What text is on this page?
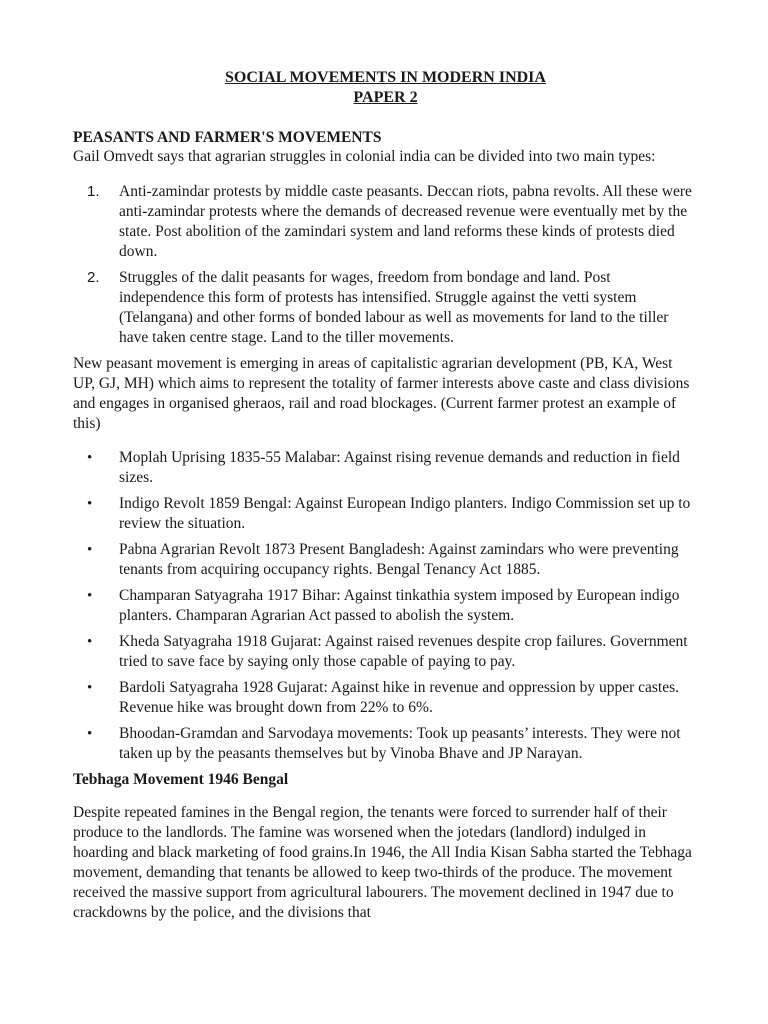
SOCIAL MOVEMENTS IN MODERN INDIA

PAPER 2

PEASANTS AND FARMER'S MOVEMENTS

Gail Omvedt says that agrarian struggles in colonial india can be divided into two main types:

1. Anti-zamindar protests by middle caste peasants. Deccan riots, pabna revolts. All these were anti-zamindar protests where the demands of decreased revenue were eventually met by the state. Post abolition of the zamindari system and land reforms these kinds of protests died down.
2. Struggles of the dalit peasants for wages, freedom from bondage and land. Post independence this form of protests has intensified. Struggle against the vetti system (Telangana) and other forms of bonded labour as well as movements for land to the tiller have taken centre stage. Land to the tiller movements.

New peasant movement is emerging in areas of capitalistic agrarian development (PB, KA, West UP, GJ, MH) which aims to represent the totality of farmer interests above caste and class divisions and engages in organised gheraos, rail and road blockages. (Current farmer protest an example of this)

• Moplah Uprising 1835-55 Malabar: Against rising revenue demands and reduction in field sizes.
• Indigo Revolt 1859 Bengal: Against European Indigo planters. Indigo Commission set up to review the situation.
• Pabna Agrarian Revolt 1873 Present Bangladesh: Against zamindars who were preventing tenants from acquiring occupancy rights. Bengal Tenancy Act 1885.
• Champaran Satyagraha 1917 Bihar: Against tinkathia system imposed by European indigo planters. Champaran Agrarian Act passed to abolish the system.
• Kheda Satyagraha 1918 Gujarat: Against raised revenues despite crop failures. Government tried to save face by saying only those capable of paying to pay.
• Bardoli Satyagraha 1928 Gujarat: Against hike in revenue and oppression by upper castes. Revenue hike was brought down from 22% to 6%.
• Bhoodan-Gramdan and Sarvodaya movements: Took up peasants’ interests. They were not taken up by the peasants themselves but by Vinoba Bhave and JP Narayan.

Tebhaga Movement 1946 Bengal

Despite repeated famines in the Bengal region, the tenants were forced to surrender half of their produce to the landlords. The famine was worsened when the jotedars (landlord) indulged in hoarding and black marketing of food grains.In 1946, the All India Kisan Sabha started the Tebhaga movement, demanding that tenants be allowed to keep two-thirds of the produce. The movement received the massive support from agricultural labourers. The movement declined in 1947 due to crackdowns by the police, and the divisions that
